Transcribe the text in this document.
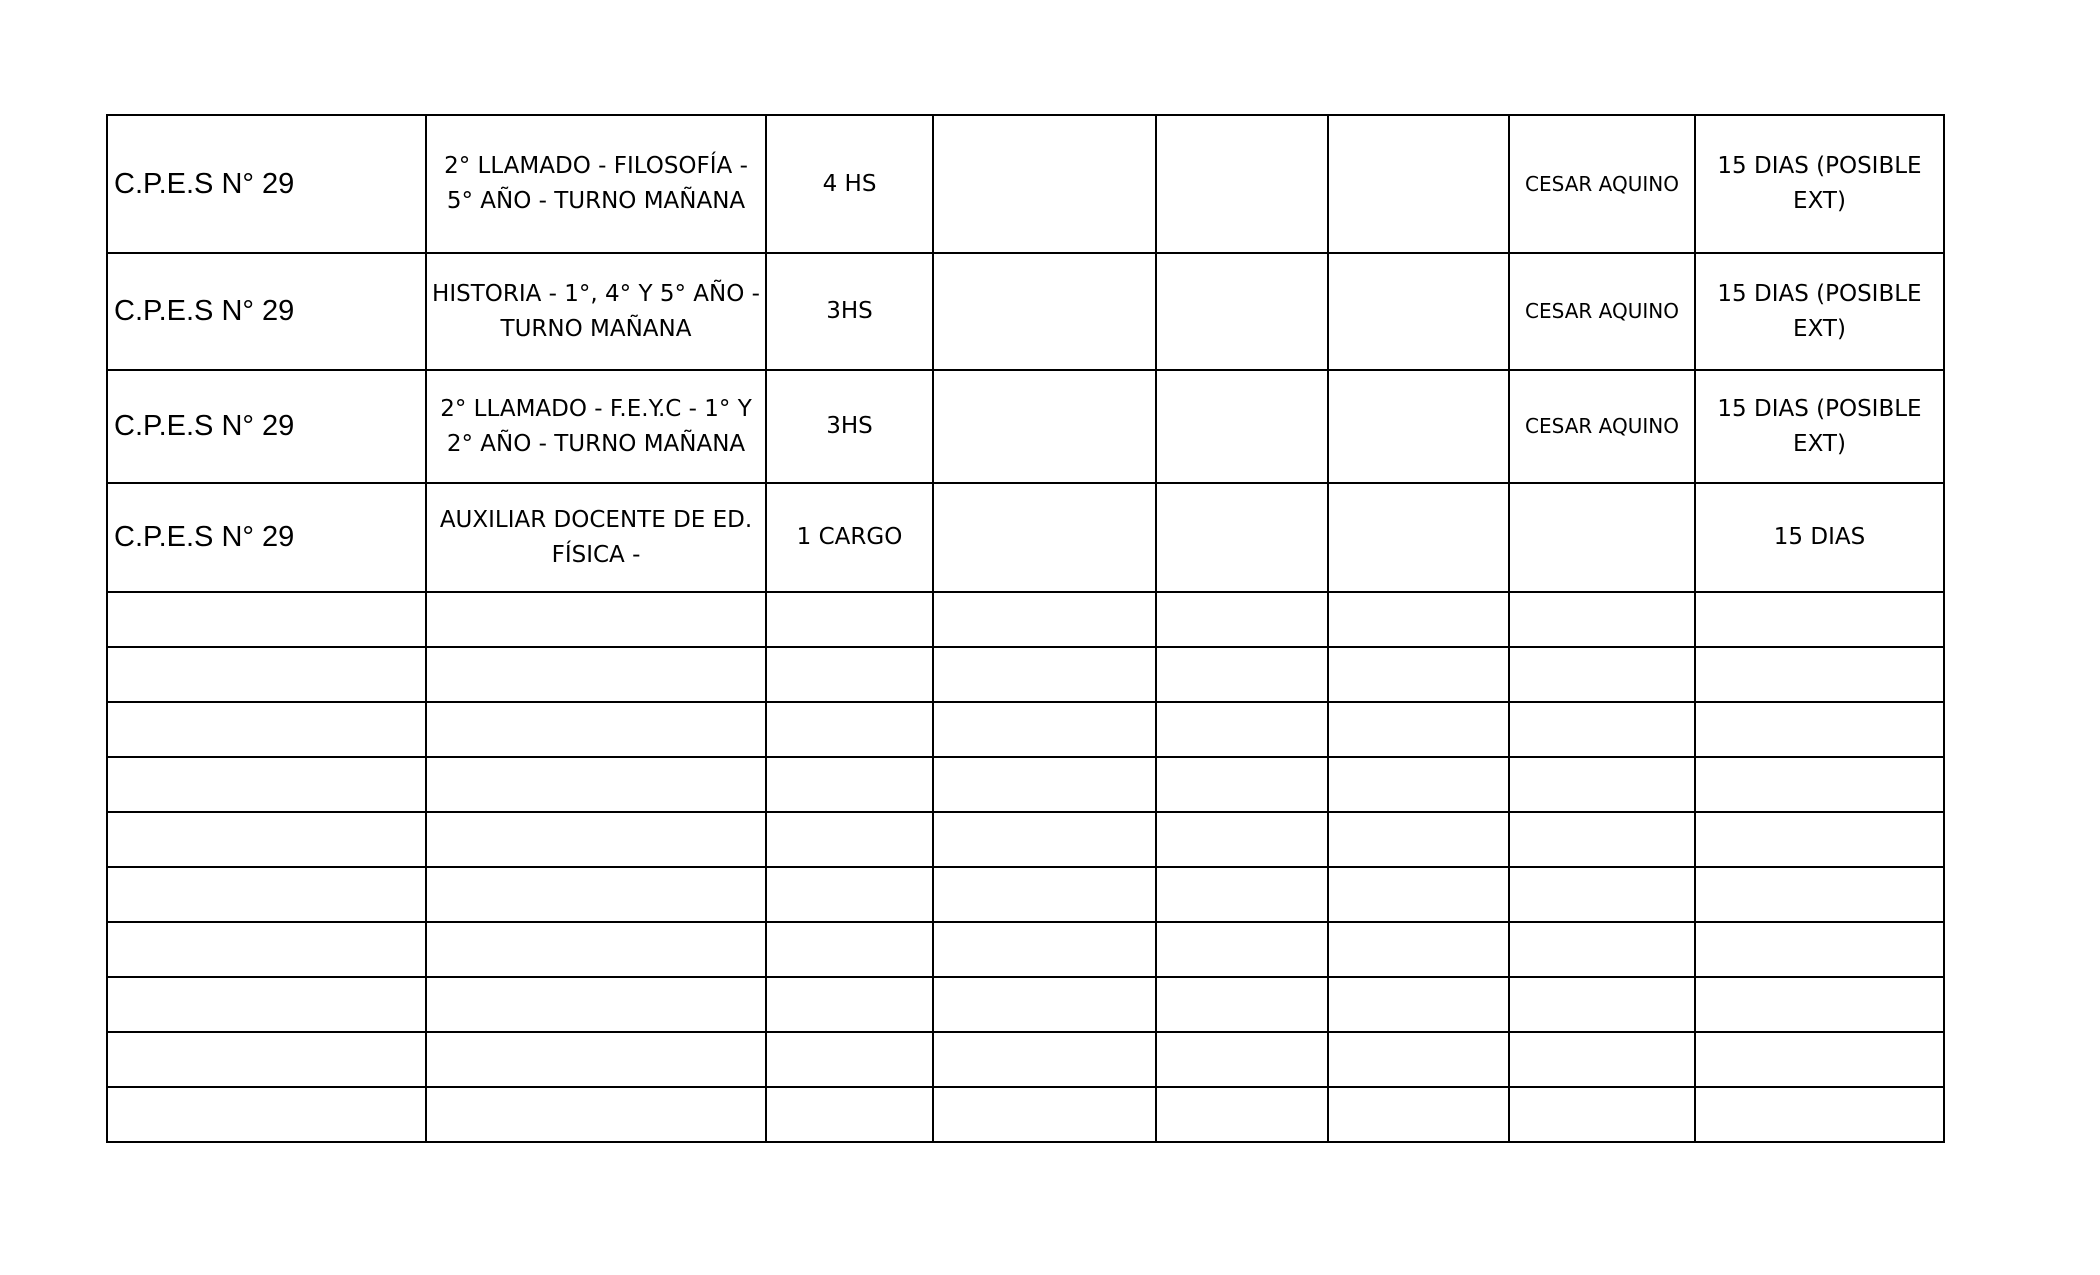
C.P.E.S N° 29	2° LLAMADO - FILOSOFÍA - 5° AÑO - TURNO MAÑANA	4 HS				CESAR AQUINO	15 DIAS (POSIBLE EXT)
C.P.E.S N° 29	HISTORIA - 1°, 4° Y 5° AÑO - TURNO MAÑANA	3HS				CESAR AQUINO	15 DIAS (POSIBLE EXT)
C.P.E.S N° 29	2° LLAMADO - F.E.Y.C - 1° Y 2° AÑO - TURNO MAÑANA	3HS				CESAR AQUINO	15 DIAS (POSIBLE EXT)
C.P.E.S N° 29	AUXILIAR DOCENTE DE ED. FÍSICA -	1 CARGO					15 DIAS
